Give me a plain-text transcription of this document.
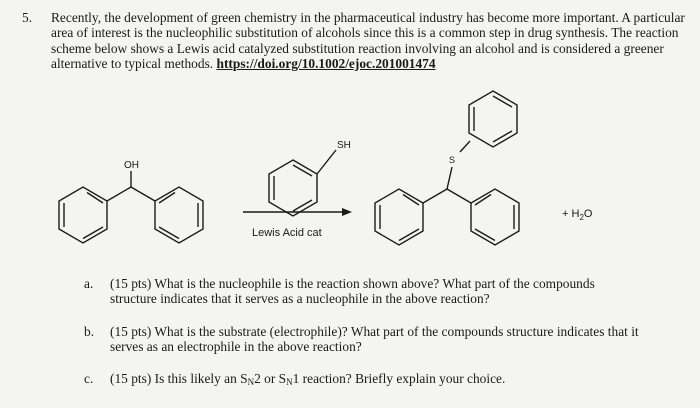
5. Recently, the development of green chemistry in the pharmaceutical industry has become more important. A particular area of interest is the nucleophilic substitution of alcohols since this is a common step in drug synthesis. The reaction scheme below shows a Lewis acid catalyzed substitution reaction involving an alcohol and is considered a greener alternative to typical methods. https://doi.org/10.1002/ejoc.201001474
OH
SH
S
Lewis Acid cat
+ $H_2O$
a. (15 pts) What is the nucleophile is the reaction shown above? What part of the compounds
structure indicates that it serves as a nucleophile in the above reaction?
b. (15 pts) What is the substrate (electrophile)? What part of the compounds structure indicates that it
serves as an electrophile in the above reaction?
c. (15 pts) Is this likely an $S_N2$ or $S_N1$ reaction? Briefly explain your choice.
